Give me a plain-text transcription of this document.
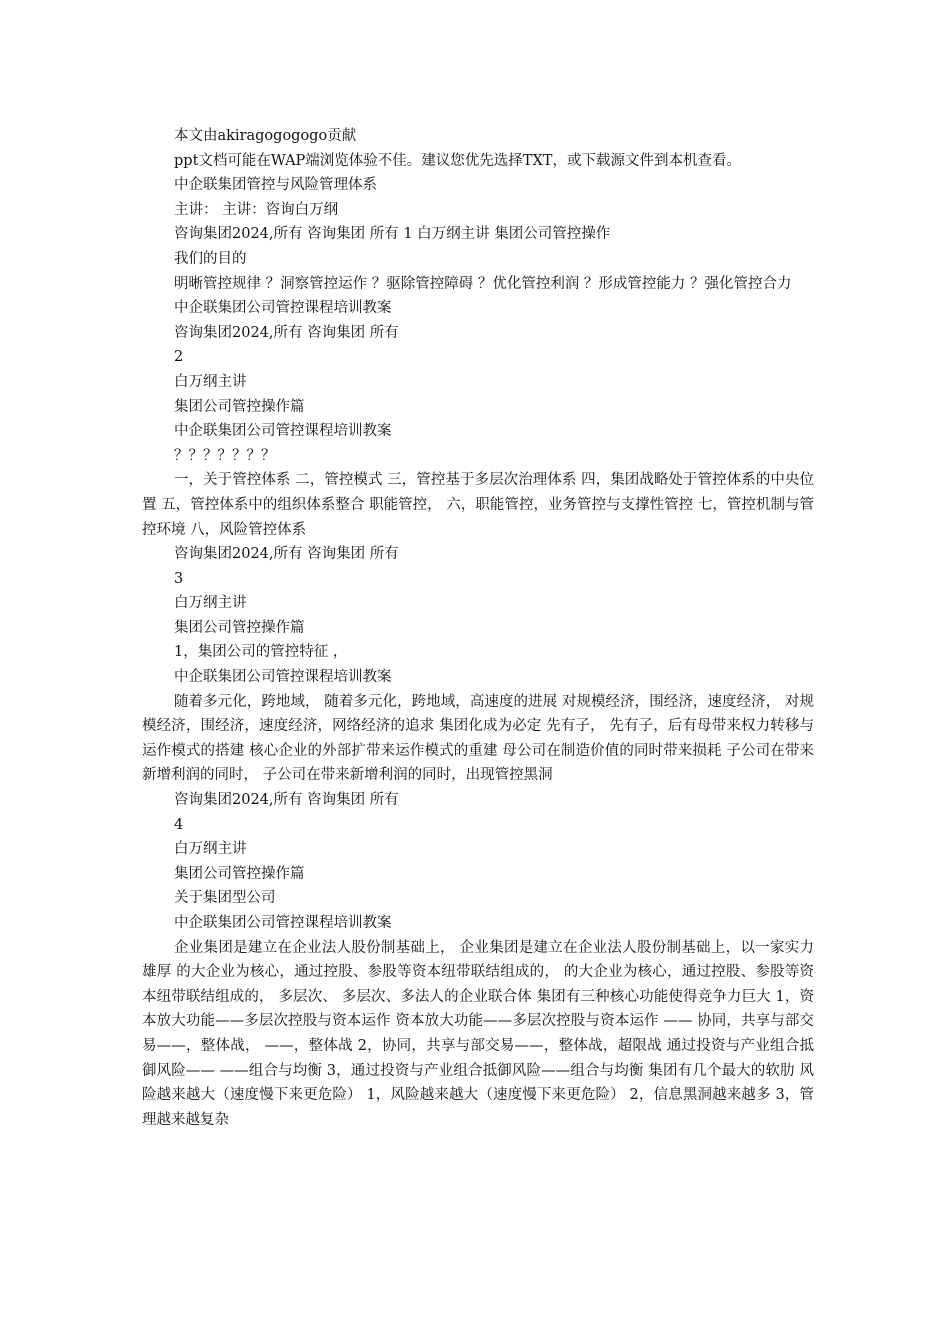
本文由akiragogogogo贡献

ppt文档可能在WAP端浏览体验不佳。建议您优先选择TXT，或下载源文件到本机查看。

中企联集团管控与风险管理体系

主讲： 主讲：咨询白万纲

咨询集团2024,所有 咨询集团 所有 1 白万纲主讲 集团公司管控操作

我们的目的

明晰管控规律 ？洞察管控运作 ？驱除管控障碍 ？优化管控利润 ？形成管控能力 ？强化管控合力

中企联集团公司管控课程培训教案

咨询集团2024,所有 咨询集团 所有

2

白万纲主讲

集团公司管控操作篇

中企联集团公司管控课程培训教案

？？？？？？？

一，关于管控体系 二，管控模式 三，管控基于多层次治理体系 四，集团战略处于管控体系的中央位置 五，管控体系中的组织体系整合 职能管控， 六，职能管控，业务管控与支撑性管控 七，管控机制与管控环境 八，风险管控体系

咨询集团2024,所有 咨询集团 所有

3

白万纲主讲

集团公司管控操作篇

1，集团公司的管控特征 ，

中企联集团公司管控课程培训教案

随着多元化，跨地域， 随着多元化，跨地域，高速度的进展 对规模经济，围经济，速度经济， 对规模经济，围经济，速度经济，网络经济的追求 集团化成为必定 先有子， 先有子，后有母带来权力转移与运作模式的搭建 核心企业的外部扩带来运作模式的重建 母公司在制造价值的同时带来损耗 子公司在带来新增利润的同时， 子公司在带来新增利润的同时，出现管控黑洞

咨询集团2024,所有 咨询集团 所有

4

白万纲主讲

集团公司管控操作篇

关于集团型公司

中企联集团公司管控课程培训教案

企业集团是建立在企业法人股份制基础上， 企业集团是建立在企业法人股份制基础上，以一家实力雄厚 的大企业为核心，通过控股、参股等资本纽带联结组成的， 的大企业为核心，通过控股、参股等资本纽带联结组成的， 多层次、 多层次、多法人的企业联合体 集团有三种核心功能使得竞争力巨大 1，资本放大功能——多层次控股与资本运作 资本放大功能——多层次控股与资本运作 —— 协同，共享与部交易——，整体战， ——，整体战 2，协同，共享与部交易——，整体战，超限战 通过投资与产业组合抵御风险—— ——组合与均衡 3，通过投资与产业组合抵御风险——组合与均衡 集团有几个最大的软肋 风险越来越大（速度慢下来更危险） 1，风险越来越大（速度慢下来更危险） 2，信息黑洞越来越多 3，管理越来越复杂
